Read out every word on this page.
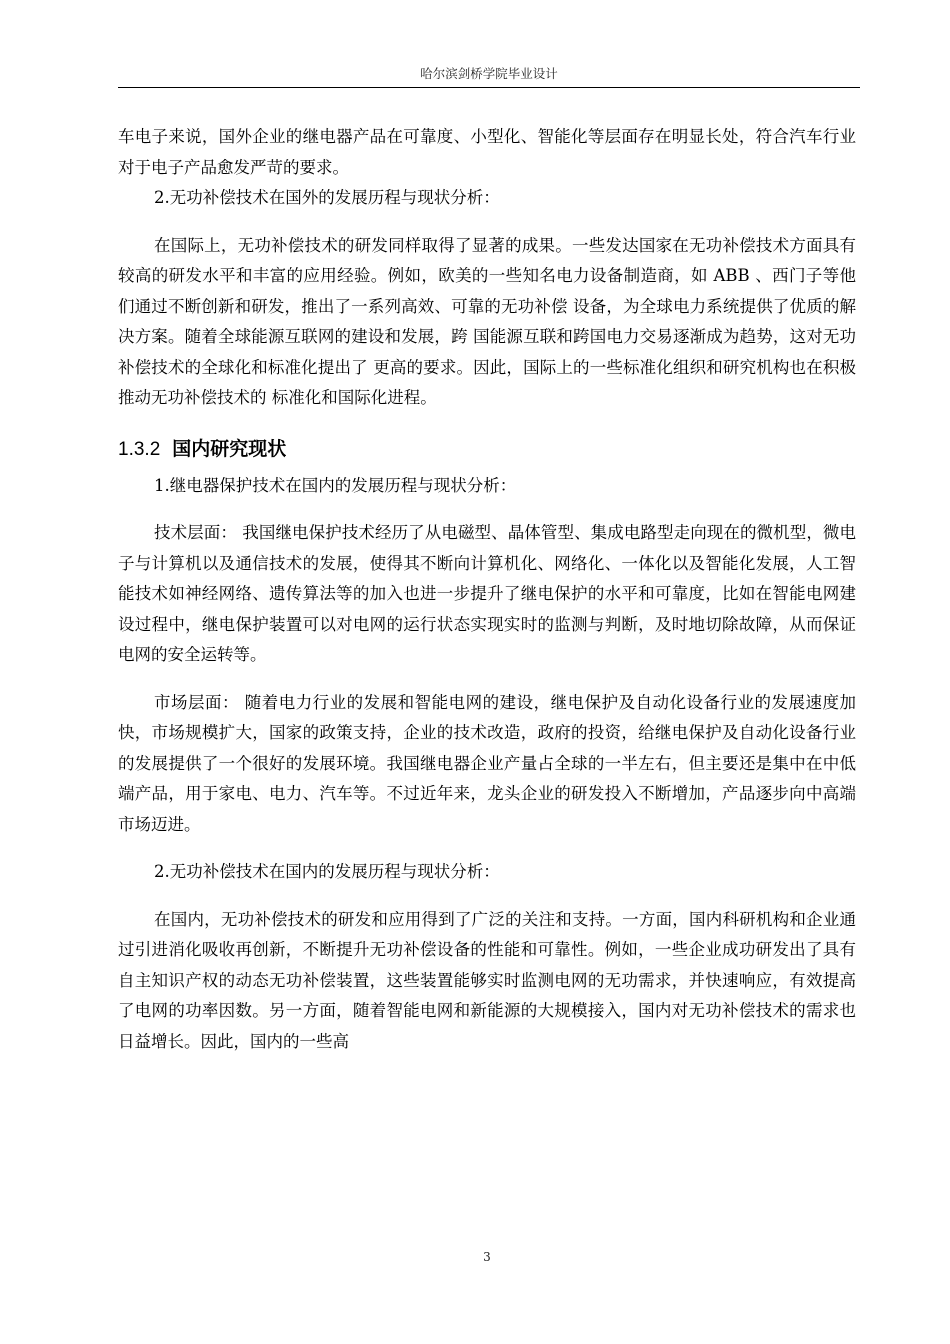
哈尔滨剑桥学院毕业设计

车电子来说，国外企业的继电器产品在可靠度、小型化、智能化等层面存在明显长处，符合汽车行业对于电子产品愈发严苛的要求。

2.无功补偿技术在国外的发展历程与现状分析：

在国际上，无功补偿技术的研发同样取得了显著的成果。一些发达国家在无功补偿技术方面具有较高的研发水平和丰富的应用经验。例如，欧美的一些知名电力设备制造商，如 ABB 、西门子等他们通过不断创新和研发，推出了一系列高效、可靠的无功补偿 设备，为全球电力系统提供了优质的解决方案。随着全球能源互联网的建设和发展，跨 国能源互联和跨国电力交易逐渐成为趋势，这对无功补偿技术的全球化和标准化提出了 更高的要求。因此，国际上的一些标准化组织和研究机构也在积极推动无功补偿技术的 标准化和国际化进程。

1.3.2 国内研究现状

1.继电器保护技术在国内的发展历程与现状分析：

技术层面： 我国继电保护技术经历了从电磁型、晶体管型、集成电路型走向现在的微机型，微电子与计算机以及通信技术的发展，使得其不断向计算机化、网络化、一体化以及智能化发展，人工智能技术如神经网络、遗传算法等的加入也进一步提升了继电保护的水平和可靠度，比如在智能电网建设过程中，继电保护装置可以对电网的运行状态实现实时的监测与判断，及时地切除故障，从而保证电网的安全运转等。

市场层面： 随着电力行业的发展和智能电网的建设，继电保护及自动化设备行业的发展速度加快，市场规模扩大，国家的政策支持，企业的技术改造，政府的投资，给继电保护及自动化设备行业的发展提供了一个很好的发展环境。我国继电器企业产量占全球的一半左右，但主要还是集中在中低端产品，用于家电、电力、汽车等。不过近年来，龙头企业的研发投入不断增加，产品逐步向中高端市场迈进。

2.无功补偿技术在国内的发展历程与现状分析：

在国内，无功补偿技术的研发和应用得到了广泛的关注和支持。一方面，国内科研机构和企业通过引进消化吸收再创新，不断提升无功补偿设备的性能和可靠性。例如，一些企业成功研发出了具有自主知识产权的动态无功补偿装置，这些装置能够实时监测电网的无功需求，并快速响应，有效提高了电网的功率因数。另一方面，随着智能电网和新能源的大规模接入，国内对无功补偿技术的需求也日益增长。因此，国内的一些高

3
